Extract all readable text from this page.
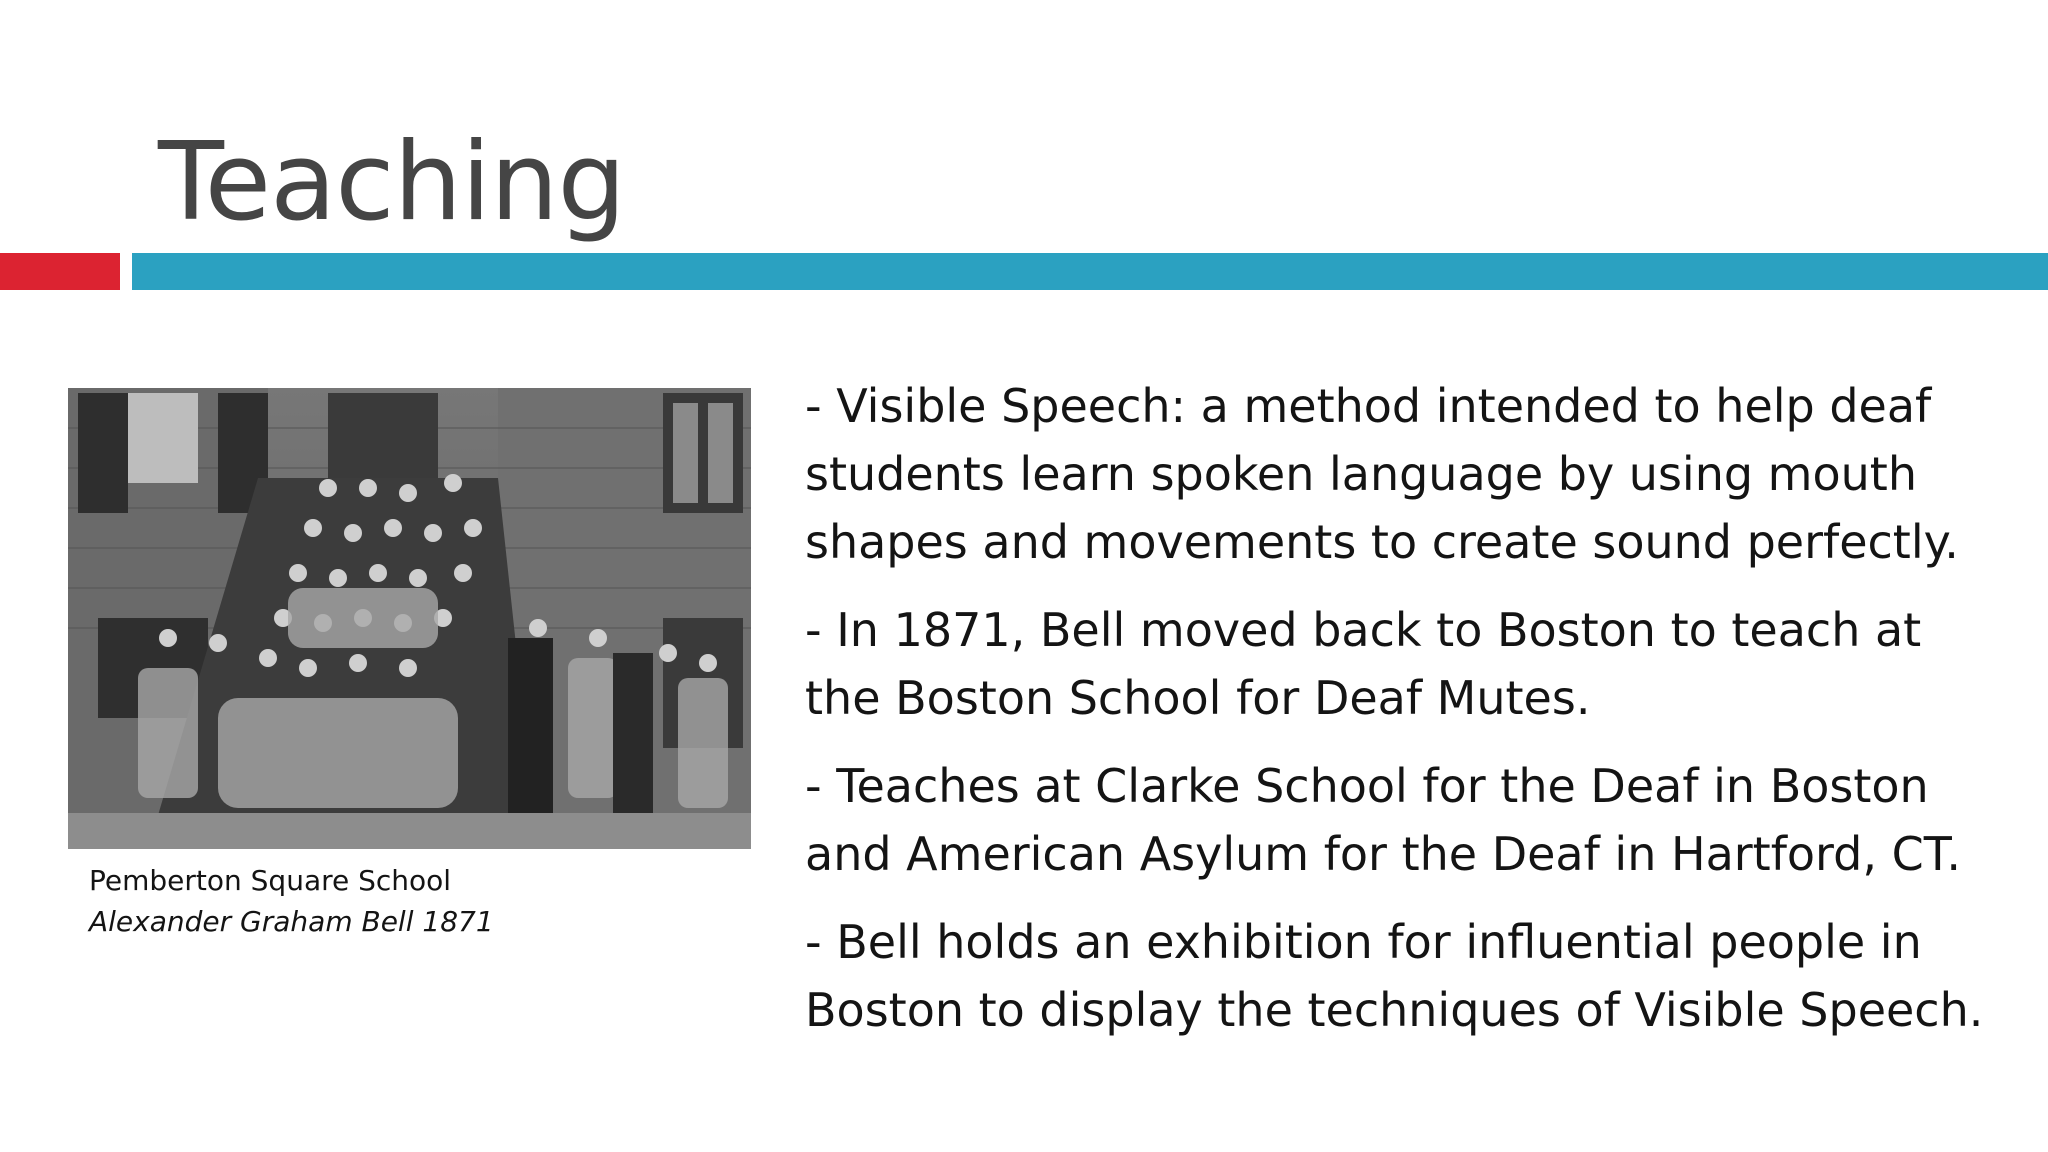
Teaching
Pemberton Square School
Alexander Graham Bell 1871

- Visible Speech: a method intended to help deaf
students learn spoken language by using mouth
shapes and movements to create sound perfectly.

- In 1871, Bell moved back to Boston to teach at
the Boston School for Deaf Mutes.

- Teaches at Clarke School for the Deaf in Boston
and American Asylum for the Deaf in Hartford, CT.

- Bell holds an exhibition for influential people in
Boston to display the techniques of Visible Speech.
